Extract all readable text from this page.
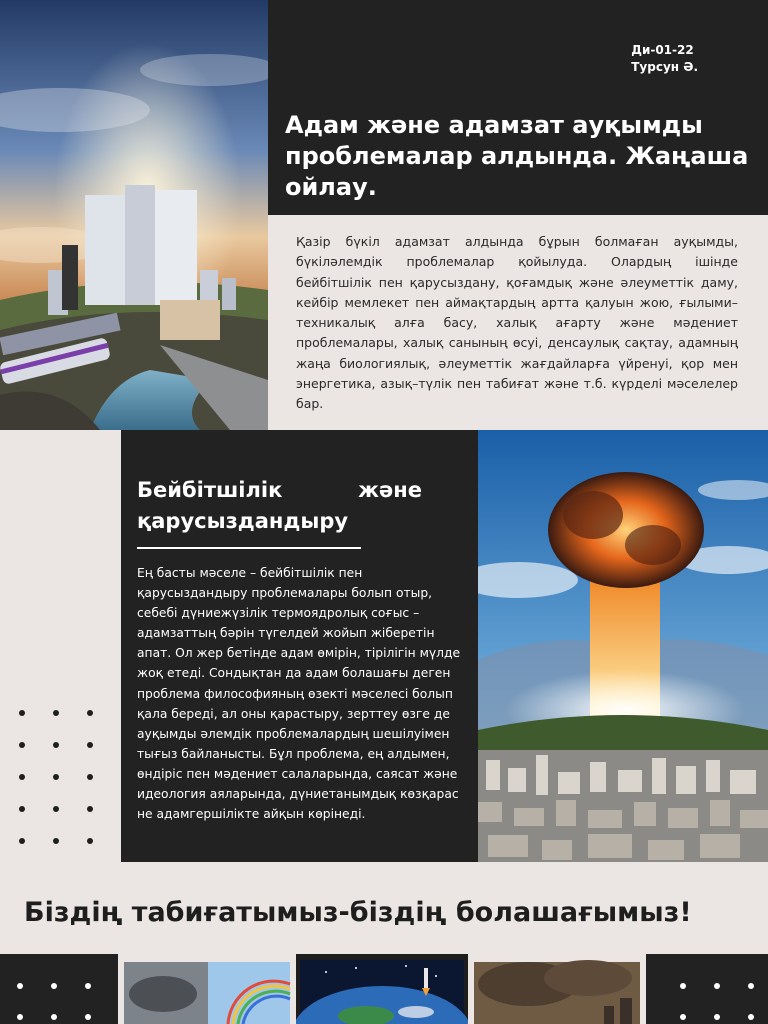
Ди-01-22
Турсун Ә.
Адам және адамзат ауқымды проблемалар алдында. Жаңаша ойлау.
Қазір бүкіл адамзат алдында бұрын болмаған ауқымды, бүкіләлемдік проблемалар қойылуда. Олардың ішінде бейбітшілік пен қарусыздану, қоғамдық және әлеуметтік даму, кейбір мемлекет пен аймақтардың артта қалуын жою, ғылыми–техникалық алға басу, халық ағарту және мәдениет проблемалары, халық санының өсуі, денсаулық сақтау, адамның жаңа биологиялық, әлеуметтік жағдайларға үйренуі, қор мен энергетика, азық–түлік пен табиғат және т.б. күрделі мәселелер бар.
Бейбітшілік және қарусыздандыру
Ең басты мәселе – бейбітшілік пен қарусыздандыру проблемалары болып отыр, себебі дүниежүзілік термоядролық соғыс – адамзаттың бәрін түгелдей жойып жіберетін апат. Ол жер бетінде адам өмірін, тірілігін мүлде жоқ етеді. Сондықтан да адам болашағы деген проблема философияның өзекті мәселесі болып қала береді, ал оны қарастыру, зерттеу өзге де ауқымды әлемдік проблемалардың шешілуімен тығыз байланысты. Бұл проблема, ең алдымен, өндіріс пен мәдениет салаларында, саясат және идеология аяларында, дүниетанымдық көзқарас не адамгершілікте айқын көрінеді.
Біздің табиғатымыз-біздің болашағымыз!
